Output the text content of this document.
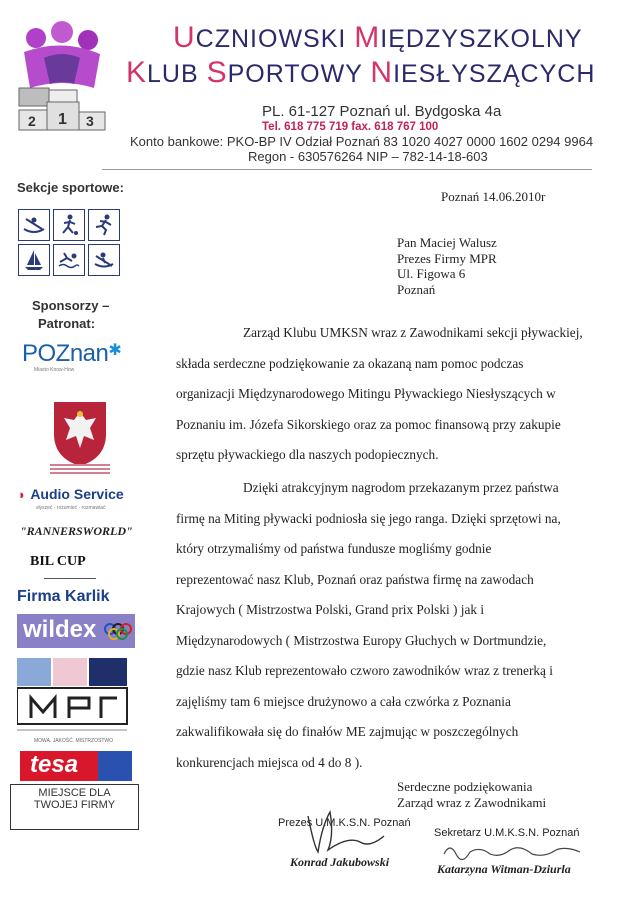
1
2	3
UCZNIOWSKI MIĘDZYSZKOLNY
KLUB SPORTOWY NIESŁYSZĄCYCH
PL. 61-127 Poznań ul. Bydgoska 4a
Tel. 618 775 719 fax. 618 767 100
Konto bankowe: PKO-BP IV Odział Poznań 83 1020 4027 0000 1602 0294 9964
Regon - 630576264 NIP – 782-14-18-603
Sekcje sportowe:
Sponsorzy –
Patronat:
POZnan✱
Miasto Know-How
◗ Audio Service
słyszeć · rozumieć · rozmawiać
"RANNERSWORLD"
BIL CUP
Firma Karlik
wildex
MOWA. JAKOŚĆ. MISTRZOSTWO
tesa
MIEJSCE DLA
TWOJEJ FIRMY
Poznań 14.06.2010r
Pan Maciej Walusz
Prezes Firmy MPR
Ul. Figowa 6
Poznań
Zarząd Klubu UMKSN wraz z Zawodnikami sekcji pływackiej,
składa serdeczne podziękowanie za okazaną nam pomoc podczas
organizacji Międzynarodowego Mitingu Pływackiego Niesłyszących w
Poznaniu im. Józefa Sikorskiego oraz za pomoc finansową przy zakupie
sprzętu pływackiego dla naszych podopiecznych.
Dzięki atrakcyjnym nagrodom przekazanym przez państwa
firmę na Miting pływacki podniosła się jego ranga. Dzięki sprzętowi na,
który otrzymaliśmy od państwa fundusze mogliśmy godnie
reprezentować nasz Klub, Poznań oraz państwa firmę na zawodach
Krajowych ( Mistrzostwa Polski, Grand prix Polski ) jak i
Międzynarodowych ( Mistrzostwa Europy Głuchych w Dortmundzie,
gdzie nasz Klub reprezentowało czworo zawodników wraz z trenerką i
zajęliśmy tam 6 miejsce drużynowo a cała czwórka z Poznania
zakwalifikowała się do finałów ME zajmując w poszczególnych
konkurencjach miejsca od 4 do 8 ).
Serdeczne podziękowania
Zarząd wraz z Zawodnikami
Prezes U.M.K.S.N. Poznań
Konrad Jakubowski
Sekretarz U.M.K.S.N. Poznań
Katarzyna Witman-Dziurla
